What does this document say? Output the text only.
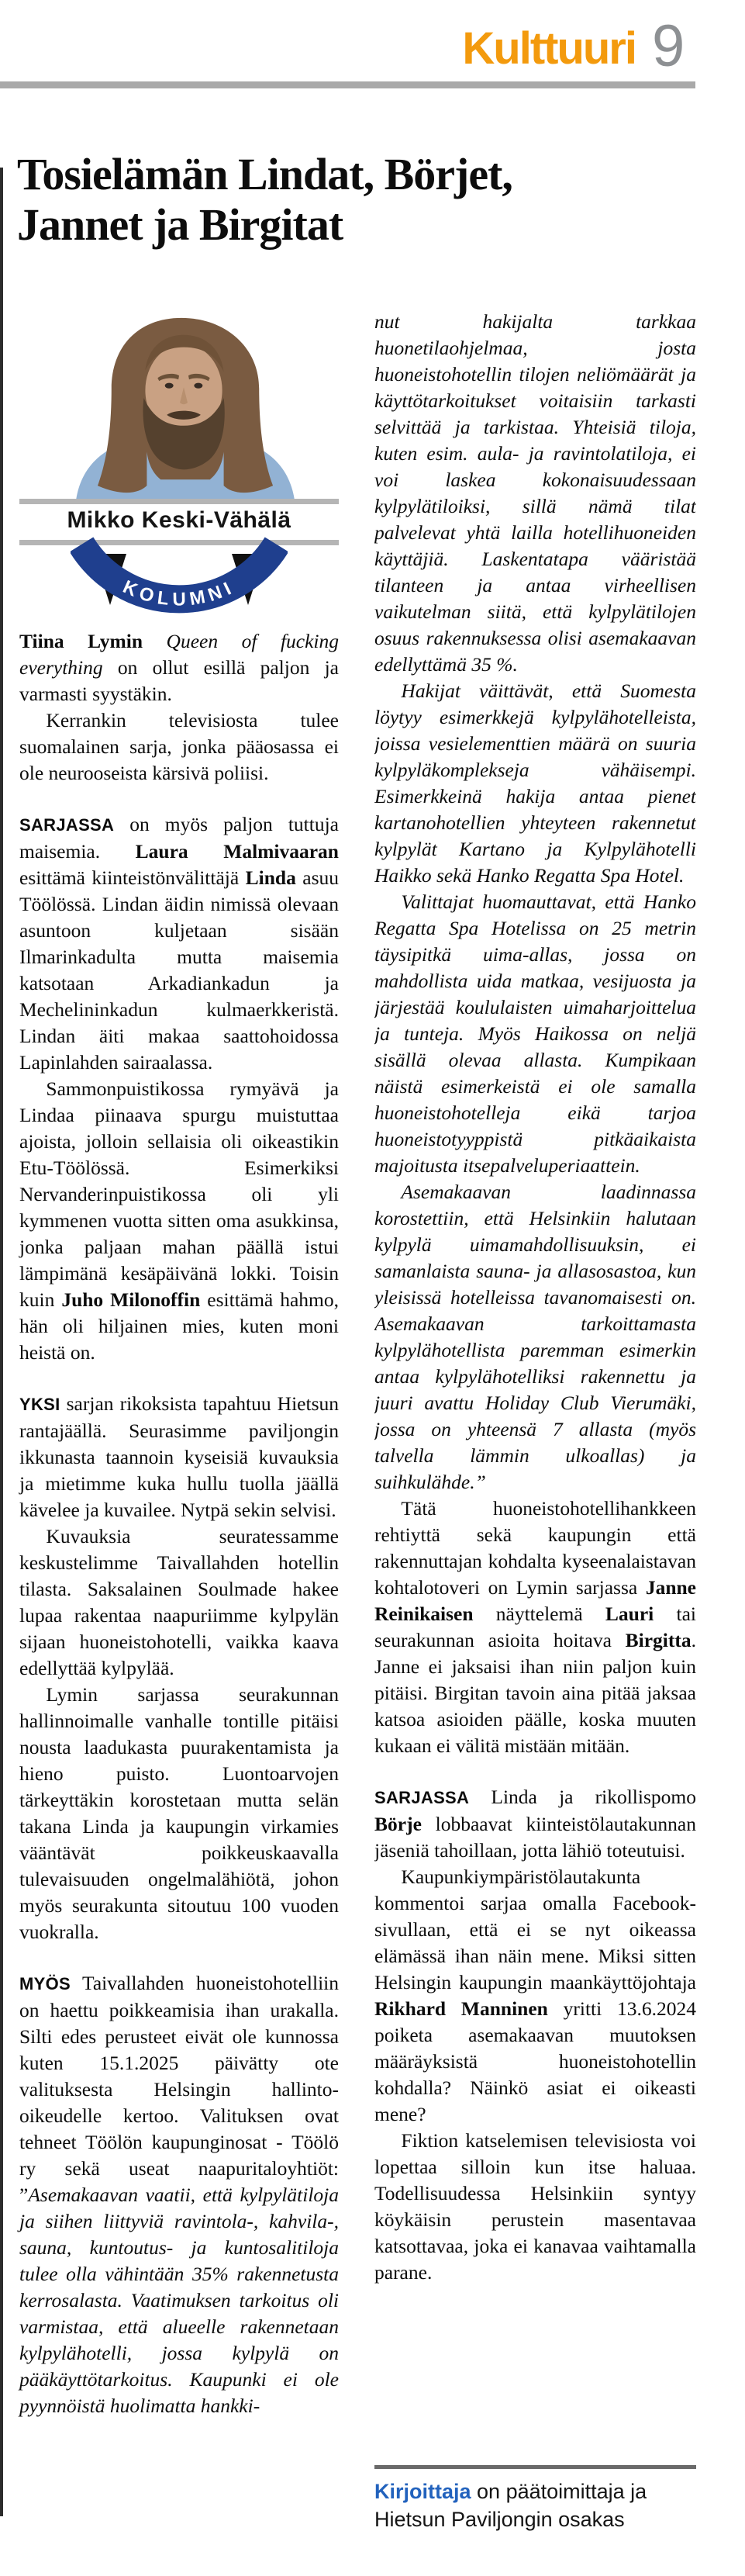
Kulttuuri 9
Tosielämän Lindat, Börjet,
Jannet ja Birgitat
Mikko Keski-Vähälä
KOLUMNI

Tiina Lymin Queen of fucking everything on ollut esillä paljon ja varmasti syystäkin.

Kerrankin televisiosta tulee suomalainen sarja, jonka pääosassa ei ole neurooseista kärsivä poliisi.

SARJASSA on myös paljon tuttuja maisemia. Laura Malmivaaran esittämä kiinteistönvälittäjä Linda asuu Töölössä. Lindan äidin nimissä olevaan asuntoon kuljetaan sisään Ilmarinkadulta mutta maisemia katsotaan Arkadiankadun ja Mechelininkadun kulmaerkkeristä. Lindan äiti makaa saattohoidossa Lapinlahden sairaalassa.

Sammonpuistikossa rymyävä ja Lindaa piinaava spurgu muistuttaa ajoista, jolloin sellaisia oli oikeastikin Etu-Töölössä. Esimerkiksi Nervanderinpuistikossa oli yli kymmenen vuotta sitten oma asukkinsa, jonka paljaan mahan päällä istui lämpimänä kesäpäivänä lokki. Toisin kuin Juho Milonoffin esittämä hahmo, hän oli hiljainen mies, kuten moni heistä on.

YKSI sarjan rikoksista tapahtuu Hietsun rantajäällä. Seurasimme paviljongin ikkunasta taannoin kyseisiä kuvauksia ja mietimme kuka hullu tuolla jäällä kävelee ja kuvailee. Nytpä sekin selvisi.

Kuvauksia seuratessamme keskustelimme Taivallahden hotellin tilasta. Saksalainen Soulmade hakee lupaa rakentaa naapuriimme kylpylän sijaan huoneistohotelli, vaikka kaava edellyttää kylpylää.

Lymin sarjassa seurakunnan hallinnoimalle vanhalle tontille pitäisi nousta laadukasta puurakentamista ja hieno puisto. Luontoarvojen tärkeyttäkin korostetaan mutta selän takana Linda ja kaupungin virkamies vääntävät poikkeuskaavalla tulevaisuuden ongelmalähiötä, johon myös seurakunta sitoutuu 100 vuoden vuokralla.

MYÖS Taivallahden huoneistohotelliin on haettu poikkeamisia ihan urakalla. Silti edes perusteet eivät ole kunnossa kuten 15.1.2025 päivätty ote valituksesta Helsingin hallinto-oikeudelle kertoo. Valituksen ovat tehneet Töölön kaupunginosat - Töölö ry sekä useat naapuritaloyhtiöt: ”Asemakaavan vaatii, että kylpylätiloja ja siihen liittyviä ravintola-, kahvila-, sauna, kuntoutus- ja kuntosalitiloja tulee olla vähintään 35% rakennetusta kerrosalasta. Vaatimuksen tarkoitus oli varmistaa, että alueelle rakennetaan kylpylähotelli, jossa kylpylä on pääkäyttötarkoitus. Kaupunki ei ole pyynnöistä huolimatta hankki-

nut hakijalta tarkkaa huonetilaohjelmaa, josta huoneistohotellin tilojen neliömäärät ja käyttötarkoitukset voitaisiin tarkasti selvittää ja tarkistaa. Yhteisiä tiloja, kuten esim. aula- ja ravintolatiloja, ei voi laskea kokonaisuudessaan kylpylätiloiksi, sillä nämä tilat palvelevat yhtä lailla hotellihuoneiden käyttäjiä. Laskentatapa vääristää tilanteen ja antaa virheellisen vaikutelman siitä, että kylpylätilojen osuus rakennuksessa olisi asemakaavan edellyttämä 35 %.

Hakijat väittävät, että Suomesta löytyy esimerkkejä kylpylähotelleista, joissa vesielementtien määrä on suuria kylpyläkomplekseja vähäisempi. Esimerkkeinä hakija antaa pienet kartanohotellien yhteyteen rakennetut kylpylät Kartano ja Kylpylähotelli Haikko sekä Hanko Regatta Spa Hotel.

Valittajat huomauttavat, että Hanko Regatta Spa Hotelissa on 25 metrin täysipitkä uima-allas, jossa on mahdollista uida matkaa, vesijuosta ja järjestää koululaisten uimaharjoittelua ja tunteja. Myös Haikossa on neljä sisällä olevaa allasta. Kumpikaan näistä esimerkeistä ei ole samalla huoneistohotelleja eikä tarjoa huoneistotyyppistä pitkäaikaista majoitusta itsepalveluperiaattein.

Asemakaavan laadinnassa korostettiin, että Helsinkiin halutaan kylpylä uimamahdollisuuksin, ei samanlaista sauna- ja allasosastoa, kun yleisissä hotelleissa tavanomaisesti on. Asemakaavan tarkoittamasta kylpylähotellista paremman esimerkin antaa kylpylähotelliksi rakennettu ja juuri avattu Holiday Club Vierumäki, jossa on yhteensä 7 allasta (myös talvella lämmin ulkoallas) ja suihkulähde.”

Tätä huoneistohotellihankkeen rehtiyttä sekä kaupungin että rakennuttajan kohdalta kyseenalaistavan kohtalotoveri on Lymin sarjassa Janne Reinikaisen näyttelemä Lauri tai seurakunnan asioita hoitava Birgitta. Janne ei jaksaisi ihan niin paljon kuin pitäisi. Birgitan tavoin aina pitää jaksaa katsoa asioiden päälle, koska muuten kukaan ei välitä mistään mitään.

SARJASSA Linda ja rikollispomo Börje lobbaavat kiinteistölautakunnan jäseniä tahoillaan, jotta lähiö toteutuisi.

Kaupunkiympäristölautakunta kommentoi sarjaa omalla Facebook-sivullaan, että ei se nyt oikeassa elämässä ihan näin mene. Miksi sitten Helsingin kaupungin maankäyttöjohtaja Rikhard Manninen yritti 13.6.2024 poiketa asemakaavan muutoksen määräyksistä huoneistohotellin kohdalla? Näinkö asiat ei oikeasti mene?

Fiktion katselemisen televisiosta voi lopettaa silloin kun itse haluaa. Todellisuudessa Helsinkiin syntyy köykäisin perustein masentavaa katsottavaa, joka ei kanavaa vaihtamalla parane.

Kirjoittaja on päätoimittaja ja Hietsun Paviljongin osakas
